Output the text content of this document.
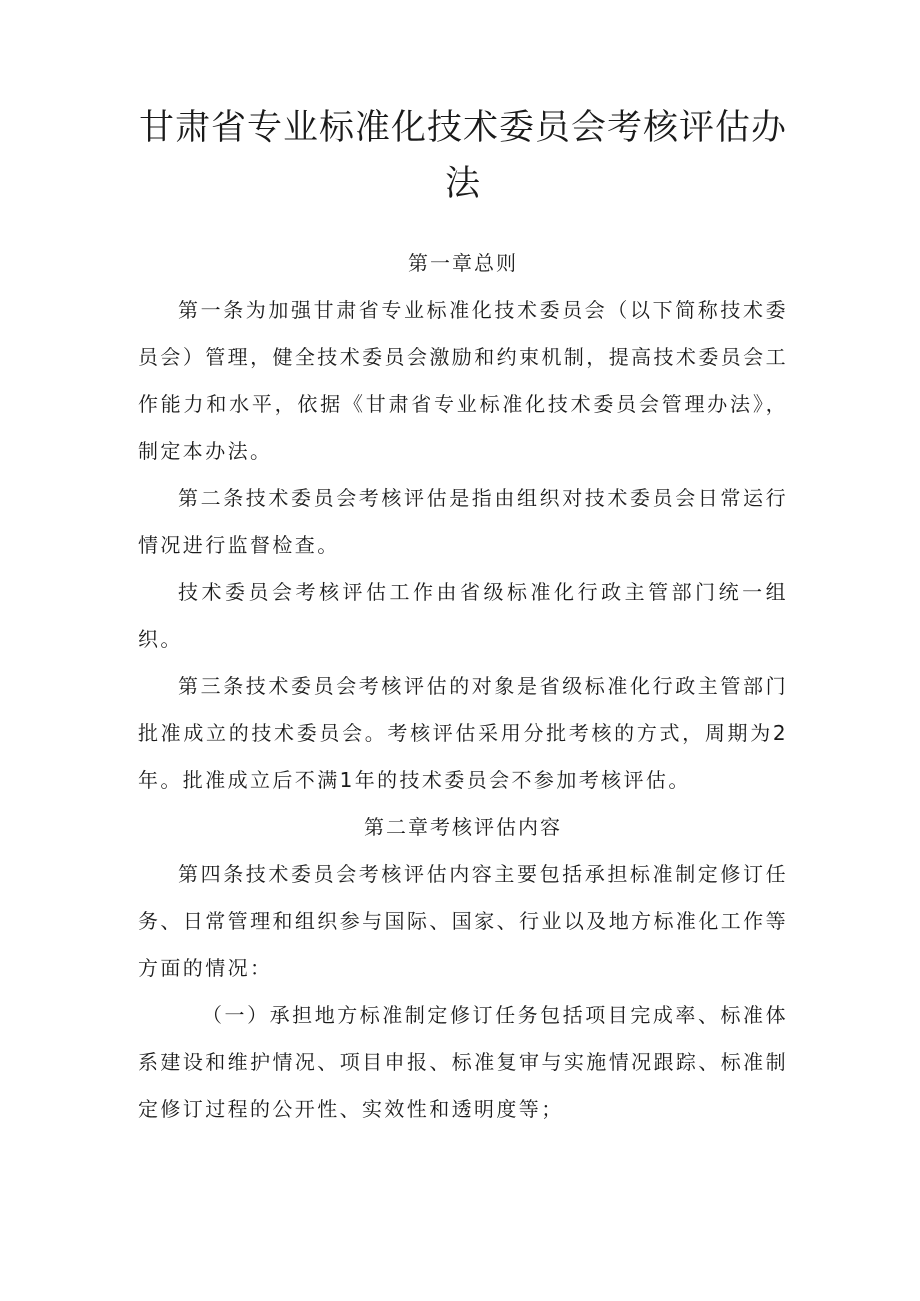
甘肃省专业标准化技术委员会考核评估办法
第一章总则

第一条为加强甘肃省专业标准化技术委员会（以下简称技术委员会）管理，健全技术委员会激励和约束机制，提高技术委员会工作能力和水平，依据《甘肃省专业标准化技术委员会管理办法》，制定本办法。

第二条技术委员会考核评估是指由组织对技术委员会日常运行情况进行监督检查。

技术委员会考核评估工作由省级标准化行政主管部门统一组织。

第三条技术委员会考核评估的对象是省级标准化行政主管部门批准成立的技术委员会。考核评估采用分批考核的方式，周期为2年。批准成立后不满1年的技术委员会不参加考核评估。

第二章考核评估内容

第四条技术委员会考核评估内容主要包括承担标准制定修订任务、日常管理和组织参与国际、国家、行业以及地方标准化工作等方面的情况：

（一）承担地方标准制定修订任务包括项目完成率、标准体系建设和维护情况、项目申报、标准复审与实施情况跟踪、标准制定修订过程的公开性、实效性和透明度等；
